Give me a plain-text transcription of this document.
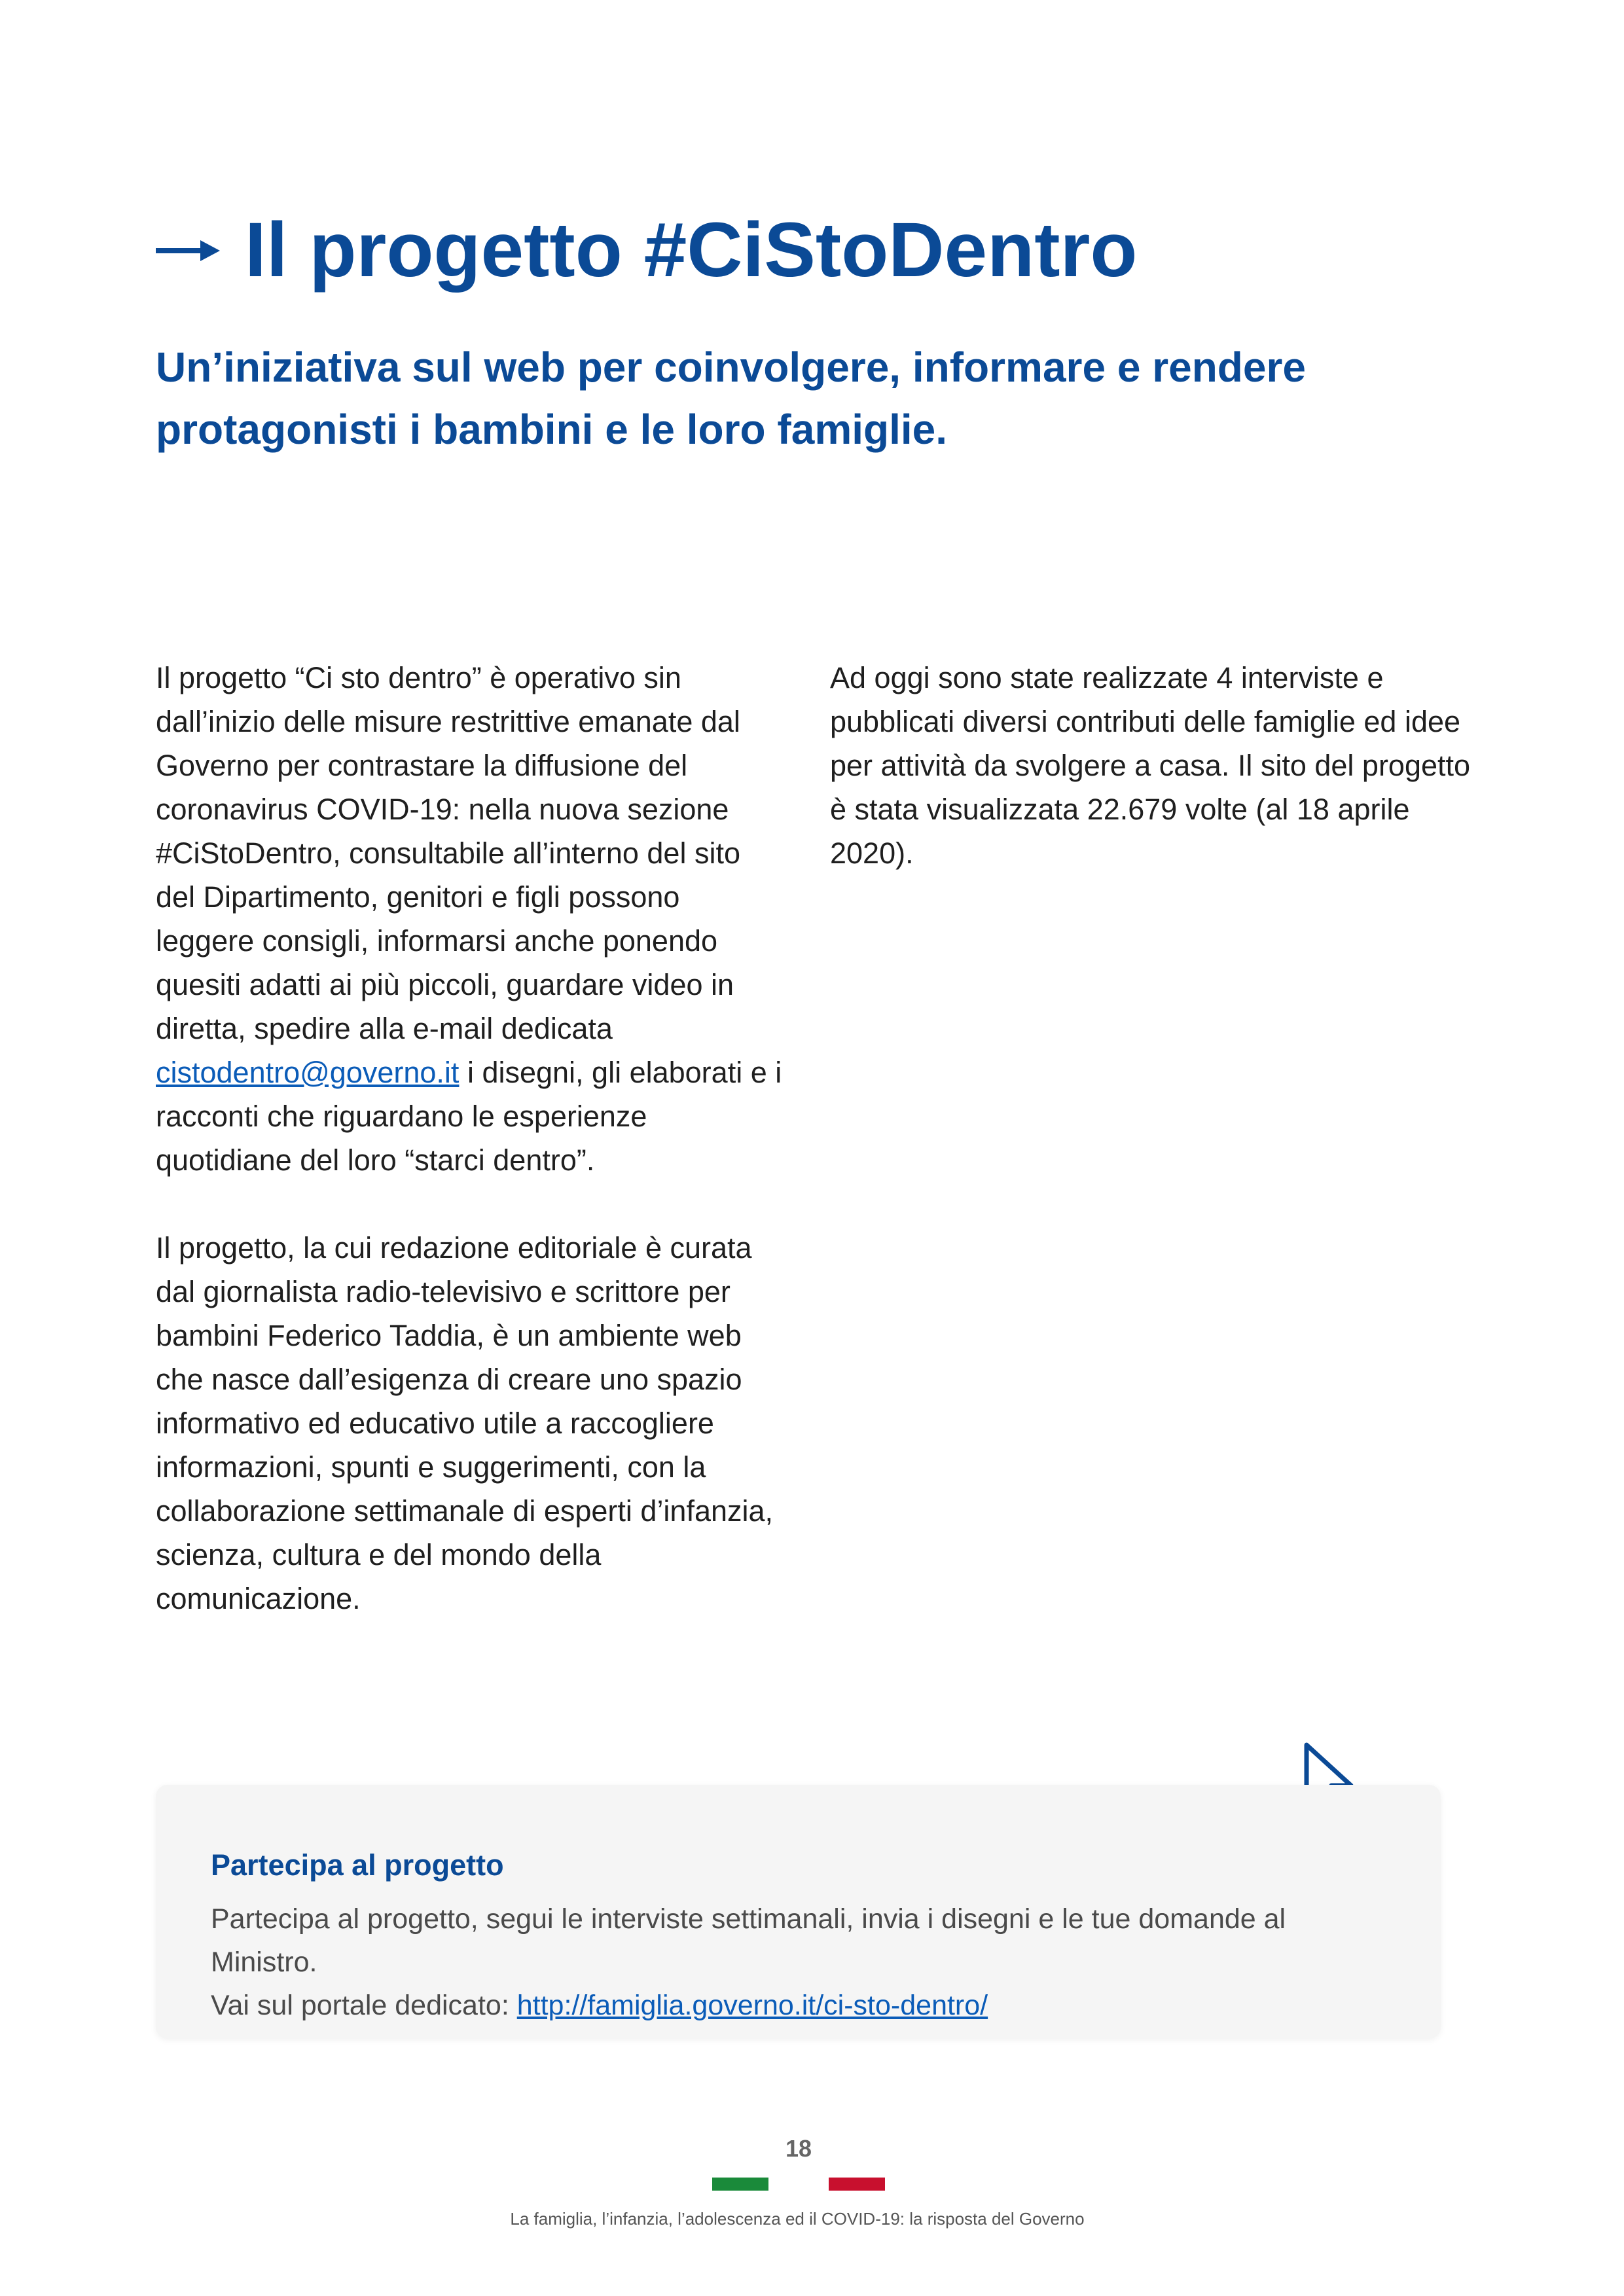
Il progetto #CiStoDentro
Un’iniziativa sul web per coinvolgere, informare e rendere protagonisti i bambini e le loro famiglie.

Il progetto “Ci sto dentro” è operativo sin dall’inizio delle misure restrittive emanate dal Governo per contrastare la diffusione del coronavirus COVID-19: nella nuova sezione #CiStoDentro, consultabile all’interno del sito del Dipartimento, genitori e figli possono leggere consigli, informarsi anche ponendo quesiti adatti ai più piccoli, guardare video in diretta, spedire alla e-mail dedicata cistodentro@governo.it i disegni, gli elaborati e i racconti che riguardano le esperienze quotidiane del loro “starci dentro”.

Il progetto, la cui redazione editoriale è curata dal giornalista radio-televisivo e scrittore per bambini Federico Taddia, è un ambiente web che nasce dall’esigenza di creare uno spazio informativo ed educativo utile a raccogliere informazioni, spunti e suggerimenti, con la collaborazione settimanale di esperti d’infanzia, scienza, cultura e del mondo della comunicazione.

Ad oggi sono state realizzate 4 interviste e pubblicati diversi contributi delle famiglie ed idee per attività da svolgere a casa. Il sito del progetto è stata visualizzata 22.679 volte (al 18 aprile 2020).

Partecipa al progetto
Partecipa al progetto, segui le interviste settimanali, invia i disegni e le tue domande al Ministro.
Vai sul portale dedicato: http://famiglia.governo.it/ci-sto-dentro/
18
La famiglia, l’infanzia, l’adolescenza ed il COVID-19: la risposta del Governo
